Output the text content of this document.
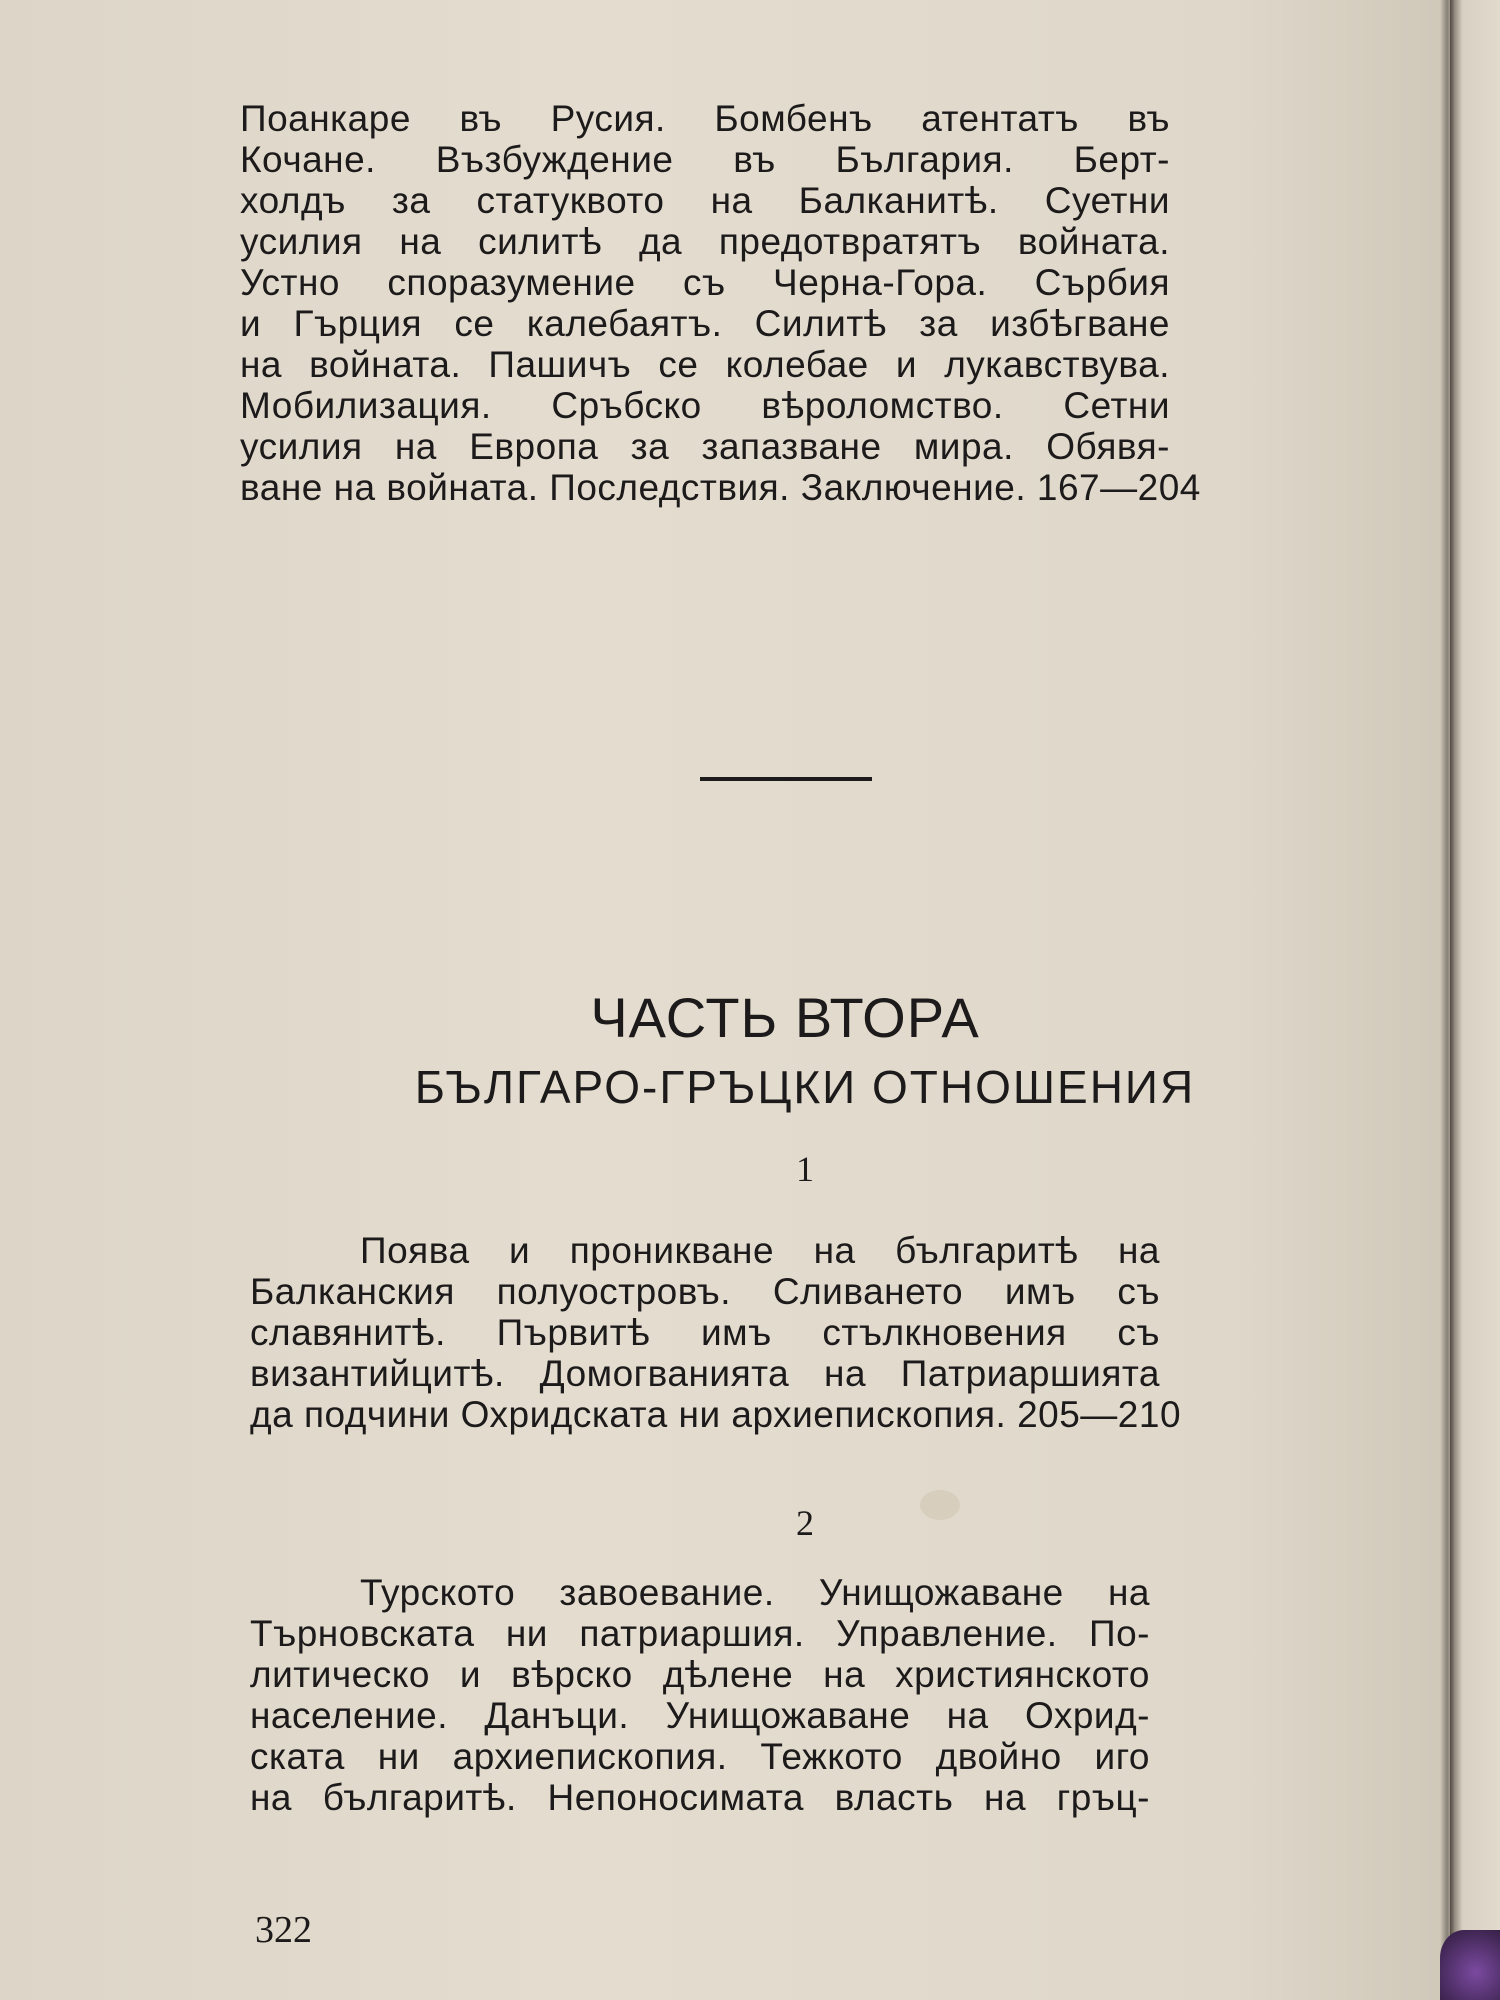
Поанкаре въ Русия. Бомбенъ атентатъ въ
Кочане. Възбуждение въ България. Берт-
холдъ за статуквото на Балканитѣ. Суетни
усилия на силитѣ да предотвратятъ войната.
Устно споразумение съ Черна-Гора. Сърбия
и Гърция се калебаятъ. Силитѣ за избѣгване
на войната. Пашичъ се колебае и лукавствува.
Мобилизация. Сръбско вѣроломство. Сетни
усилия на Европа за запазване мира. Обявя-
ване на войната. Последствия. Заключение. 167—204
ЧАСТЬ ВТОРА
БЪЛГАРО-ГРЪЦКИ ОТНОШЕНИЯ
1
Поява и проникване на българитѣ на
Балканския полуостровъ. Сливането имъ съ
славянитѣ. Първитѣ имъ стълкновения съ
византийцитѣ. Домогванията на Патриаршията
да подчини Охридската ни архиепископия. 205—210
2
Турското завоевание. Унищожаване на
Търновската ни патриаршия. Управление. По-
литическо и вѣрско дѣлене на християнското
население. Данъци. Унищожаване на Охрид-
ската ни архиепископия. Тежкото двойно иго
на българитѣ. Непоносимата власть на гръц-
322
